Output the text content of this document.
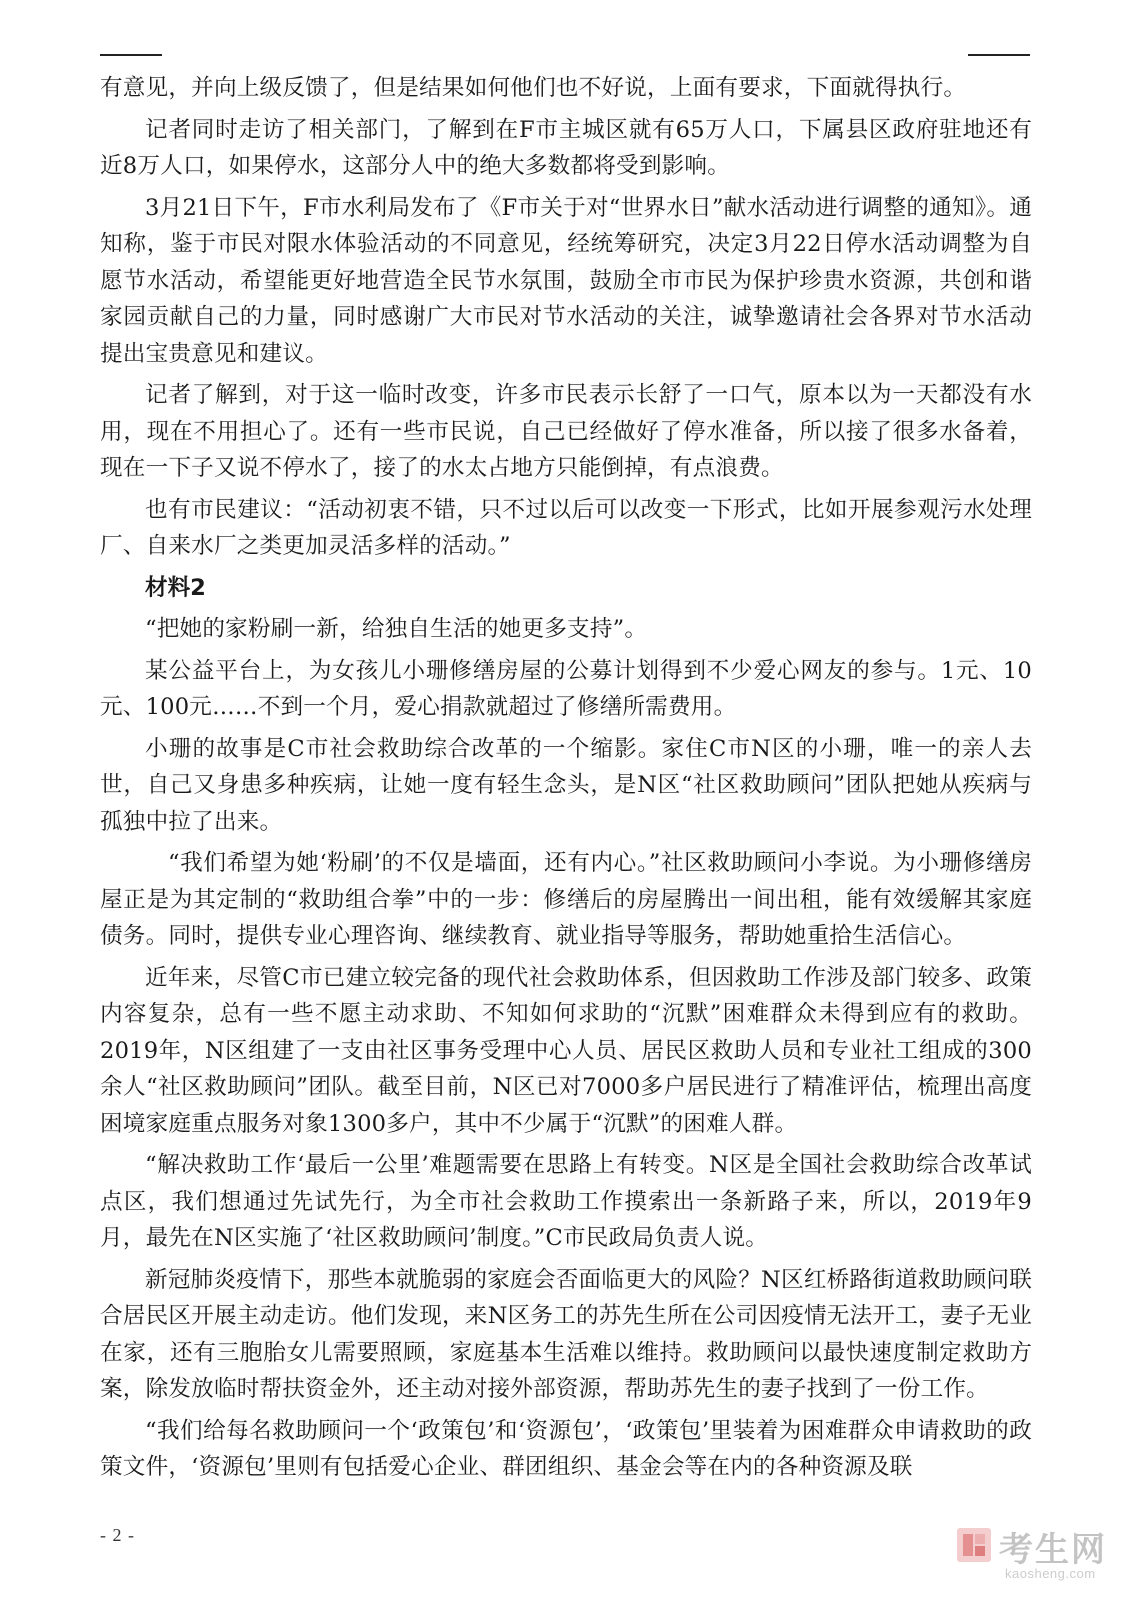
有意见，并向上级反馈了，但是结果如何他们也不好说，上面有要求，下面就得执行。

记者同时走访了相关部门，了解到在F市主城区就有65万人口，下属县区政府驻地还有近8万人口，如果停水，这部分人中的绝大多数都将受到影响。

3月21日下午，F市水利局发布了《F市关于对“世界水日”献水活动进行调整的通知》。通知称，鉴于市民对限水体验活动的不同意见，经统筹研究，决定3月22日停水活动调整为自愿节水活动，希望能更好地营造全民节水氛围，鼓励全市市民为保护珍贵水资源，共创和谐家园贡献自己的力量，同时感谢广大市民对节水活动的关注，诚挚邀请社会各界对节水活动提出宝贵意见和建议。

记者了解到，对于这一临时改变，许多市民表示长舒了一口气，原本以为一天都没有水用，现在不用担心了。还有一些市民说，自己已经做好了停水准备，所以接了很多水备着，现在一下子又说不停水了，接了的水太占地方只能倒掉，有点浪费。

也有市民建议：“活动初衷不错，只不过以后可以改变一下形式，比如开展参观污水处理厂、自来水厂之类更加灵活多样的活动。”

材料2

“把她的家粉刷一新，给独自生活的她更多支持”。

某公益平台上，为女孩儿小珊修缮房屋的公募计划得到不少爱心网友的参与。1元、10元、100元……不到一个月，爱心捐款就超过了修缮所需费用。

小珊的故事是C市社会救助综合改革的一个缩影。家住C市N区的小珊，唯一的亲人去世，自己又身患多种疾病，让她一度有轻生念头，是N区“社区救助顾问”团队把她从疾病与孤独中拉了出来。

“我们希望为她‘粉刷’的不仅是墙面，还有内心。”社区救助顾问小李说。为小珊修缮房屋正是为其定制的“救助组合拳”中的一步：修缮后的房屋腾出一间出租，能有效缓解其家庭债务。同时，提供专业心理咨询、继续教育、就业指导等服务，帮助她重拾生活信心。

近年来，尽管C市已建立较完备的现代社会救助体系，但因救助工作涉及部门较多、政策内容复杂，总有一些不愿主动求助、不知如何求助的“沉默”困难群众未得到应有的救助。2019年，N区组建了一支由社区事务受理中心人员、居民区救助人员和专业社工组成的300余人“社区救助顾问”团队。截至目前，N区已对7000多户居民进行了精准评估，梳理出高度困境家庭重点服务对象1300多户，其中不少属于“沉默”的困难人群。

“解决救助工作‘最后一公里’难题需要在思路上有转变。N区是全国社会救助综合改革试点区，我们想通过先试先行，为全市社会救助工作摸索出一条新路子来，所以，2019年9月，最先在N区实施了‘社区救助顾问’制度。”C市民政局负责人说。

新冠肺炎疫情下，那些本就脆弱的家庭会否面临更大的风险？N区红桥路街道救助顾问联合居民区开展主动走访。他们发现，来N区务工的苏先生所在公司因疫情无法开工，妻子无业在家，还有三胞胎女儿需要照顾，家庭基本生活难以维持。救助顾问以最快速度制定救助方案，除发放临时帮扶资金外，还主动对接外部资源，帮助苏先生的妻子找到了一份工作。

“我们给每名救助顾问一个‘政策包’和‘资源包’，‘政策包’里装着为困难群众申请救助的政策文件，‘资源包’里则有包括爱心企业、群团组织、基金会等在内的各种资源及联

- 2 -	考生网
kaosheng.com
